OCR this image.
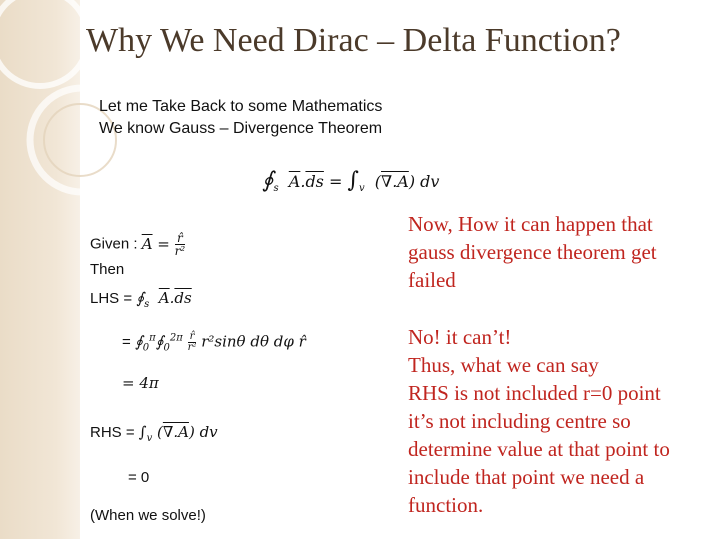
Why We Need Dirac – Delta Function?
Let me Take Back to some Mathematics
We know Gauss – Divergence Theorem
$∮_s$ $\overline{A}.\overline{ds} = \int_v$  (∇.A) dv
Given : $\overline{A} = \frac{r̂}{\text{r²}}$
Then
LHS = $∮_s$ $\overline{A}.\overline{ds}$
= $∮_0^\pi∮_0^{2\pi} \frac{r̂}{\text{r²}} r^2\sin\theta$ dθ dφ r̂
= 4π
RHS = $\int_v$ (∇.A) dv
= 0
(When we solve!)
Now, How it can happen that
gauss divergence theorem get
failed
No! it can’t!
Thus, what we can say
RHS is not included r=0 point
it’s not including centre so
determine value at that point to
include that point we need a
function.
